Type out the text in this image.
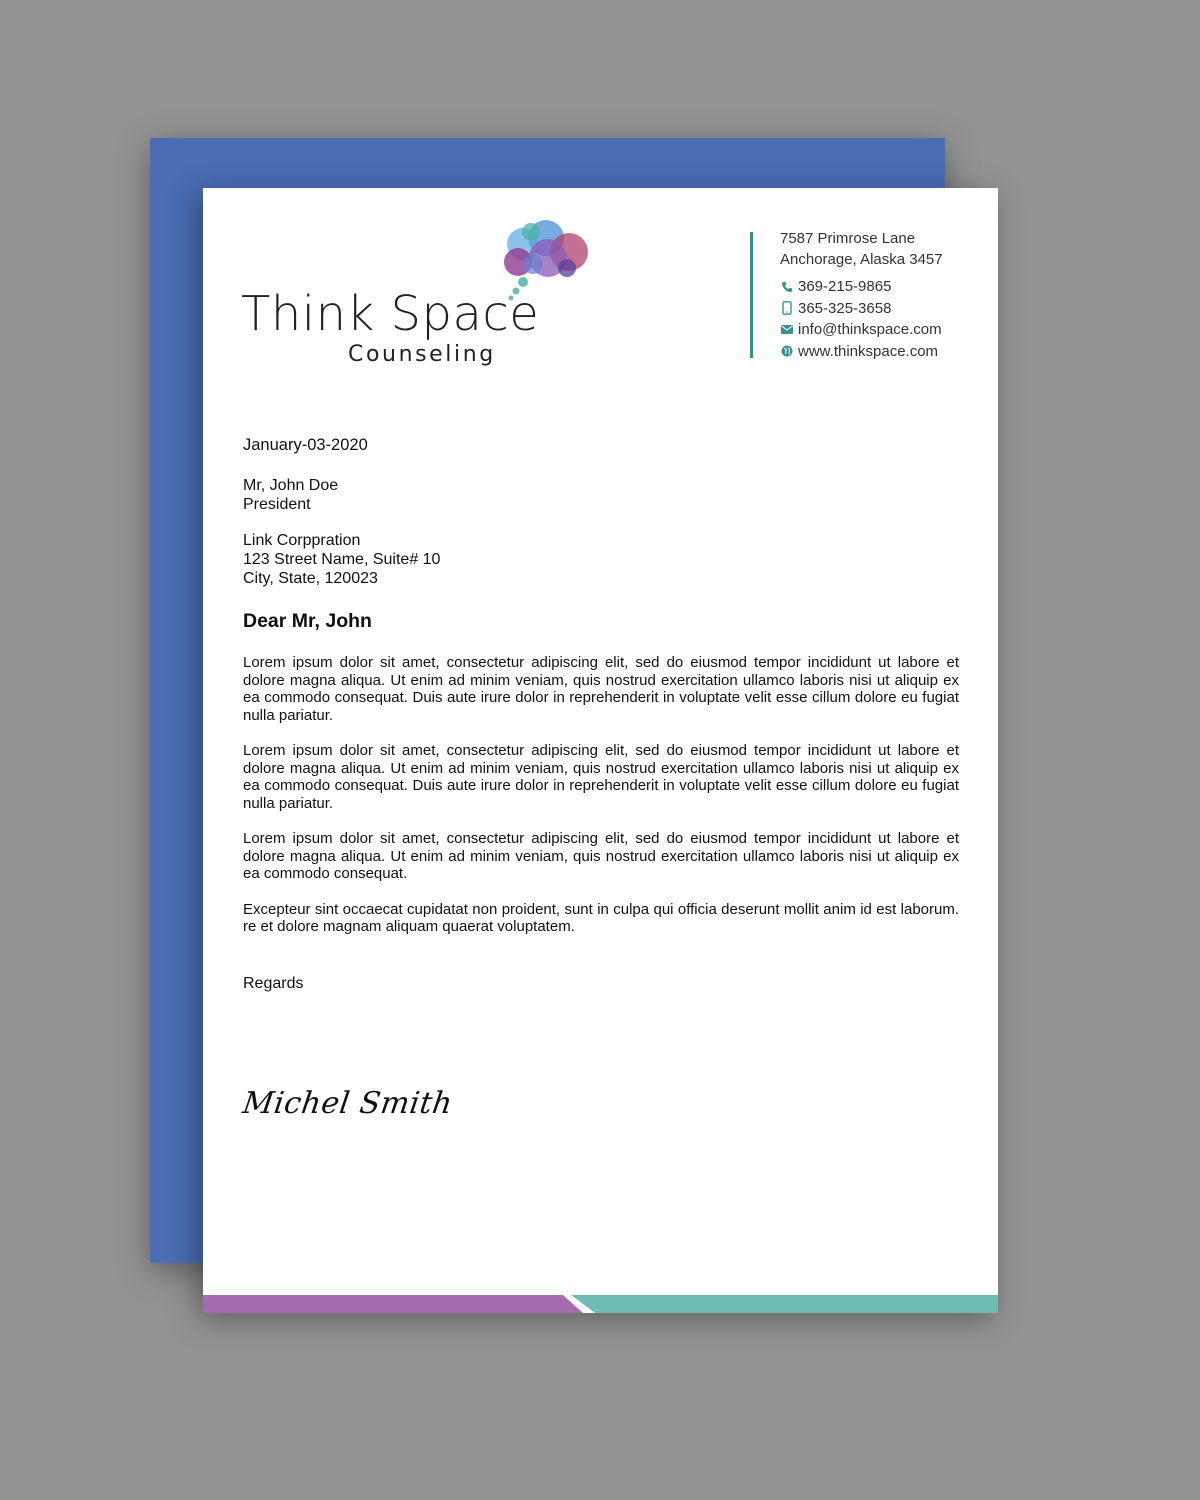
Think Space
Counseling
7587 Primrose Lane
Anchorage, Alaska 3457
369-215-9865
365-325-3658
info@thinkspace.com
www.thinkspace.com
January-03-2020
Mr, John Doe
President
Link Corppration
123 Street Name, Suite# 10
City, State, 120023
Dear Mr, John

Lorem ipsum dolor sit amet, consectetur adipiscing elit, sed do eiusmod tempor incididunt ut labore et dolore magna aliqua. Ut enim ad minim veniam, quis nostrud exercitation ullamco laboris nisi ut aliquip ex ea commodo consequat. Duis aute irure dolor in reprehenderit in voluptate velit esse cillum dolore eu fugiat nulla pariatur.

Lorem ipsum dolor sit amet, consectetur adipiscing elit, sed do eiusmod tempor incididunt ut labore et dolore magna aliqua. Ut enim ad minim veniam, quis nostrud exercitation ullamco laboris nisi ut aliquip ex ea commodo consequat. Duis aute irure dolor in reprehenderit in voluptate velit esse cillum dolore eu fugiat nulla pariatur.

Lorem ipsum dolor sit amet, consectetur adipiscing elit, sed do eiusmod tempor incididunt ut labore et dolore magna aliqua. Ut enim ad minim veniam, quis nostrud exercitation ullamco laboris nisi ut aliquip ex ea commodo consequat.

Excepteur sint occaecat cupidatat non proident, sunt in culpa qui officia deserunt mollit anim id est laborum. re et dolore magnam aliquam quaerat voluptatem.

Regards
Michel Smith
